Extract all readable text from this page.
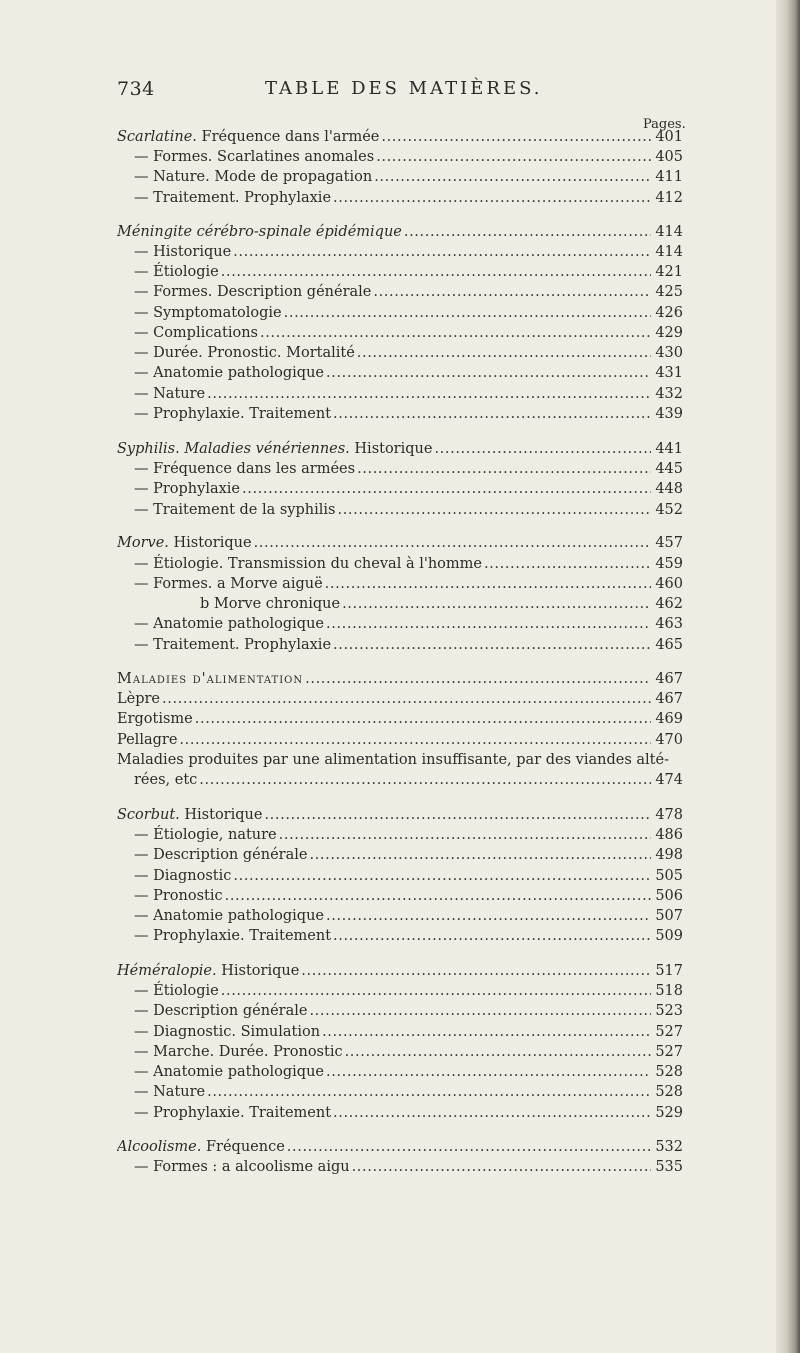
734	TABLE DES MATIÈRES.
Pages.
Scarlatine. Fréquence dans l'armée . . .	401
— Formes. Scarlatines anomales . . .	405
— Nature. Mode de propagation . . .	411
— Traitement. Prophylaxie . . .	412
Méningite cérébro-spinale épidémique . . .	414
— Historique . . .	414
— Étiologie . . .	421
— Formes. Description générale . . .	425
— Symptomatologie . . .	426
— Complications . . .	429
— Durée. Pronostic. Mortalité . . .	430
— Anatomie pathologique . . .	431
— Nature . . .	432
— Prophylaxie. Traitement . . .	439
Syphilis. Maladies vénériennes. Historique . . .	441
— Fréquence dans les armées . . .	445
— Prophylaxie . . .	448
— Traitement de la syphilis . . .	452
Morve. Historique . . .	457
— Étiologie. Transmission du cheval à l'homme . . .	459
— Formes. a Morve aiguë . . .	460
b Morve chronique . . .	462
— Anatomie pathologique . . .	463
— Traitement. Prophylaxie . . .	465
Maladies d'alimentation . . .	467
Lèpre . . .	467
Ergotisme . . .	469
Pellagre . . .	470
Maladies produites par une alimentation insuffisante, par des viandes alté-
rées, etc . . .	474
Scorbut. Historique . . .	478
— Étiologie, nature . . .	486
— Description générale . . .	498
— Diagnostic . . .	505
— Pronostic . . .	506
— Anatomie pathologique . . .	507
— Prophylaxie. Traitement . . .	509
Héméralopie. Historique . . .	517
— Étiologie . . .	518
— Description générale . . .	523
— Diagnostic. Simulation . . .	527
— Marche. Durée. Pronostic . . .	527
— Anatomie pathologique . . .	528
— Nature . . .	528
— Prophylaxie. Traitement . . .	529
Alcoolisme. Fréquence . . .	532
— Formes : a alcoolisme aigu . . .	535
